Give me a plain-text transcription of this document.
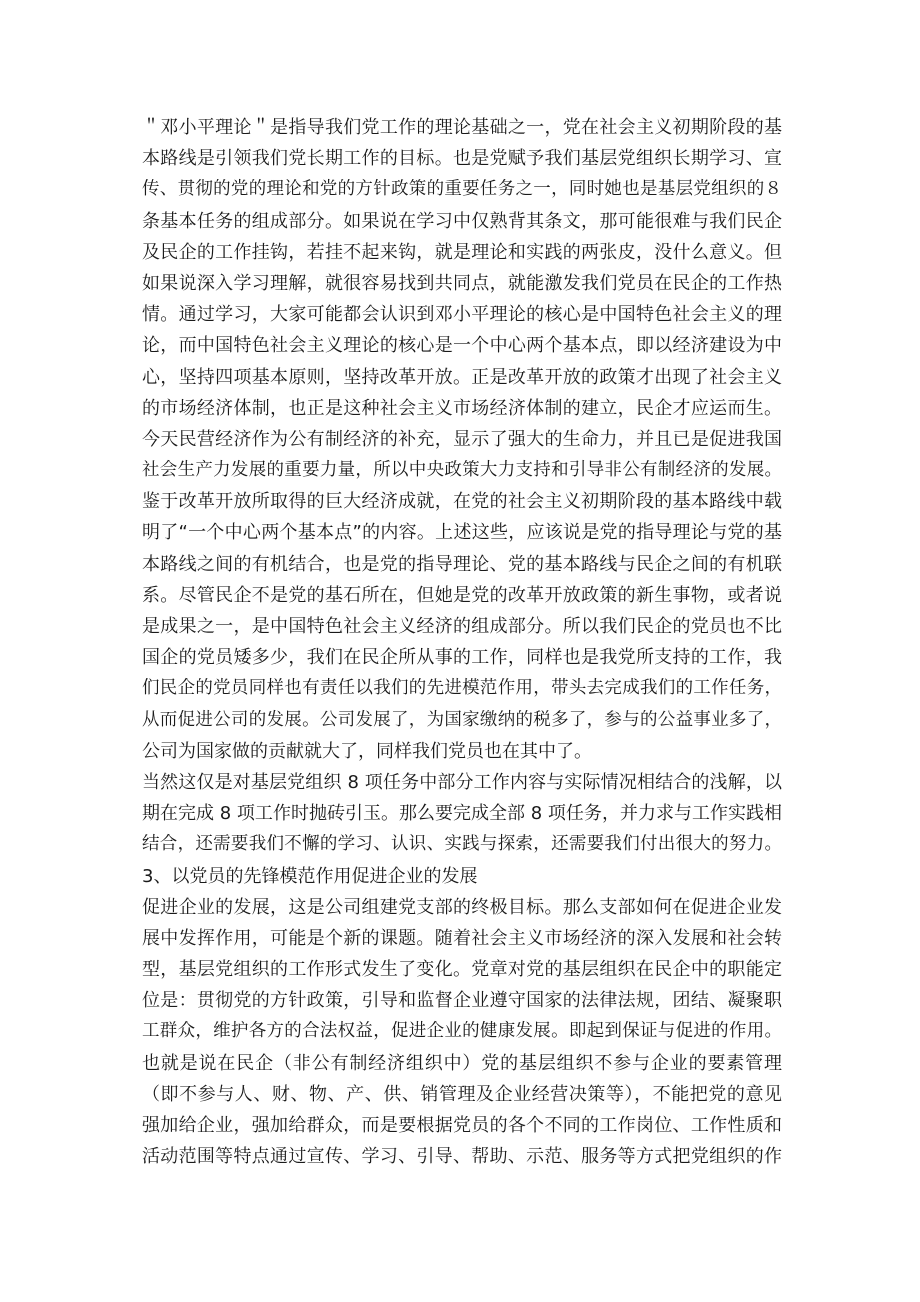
＂邓小平理论＂是指导我们党工作的理论基础之一，党在社会主义初期阶段的基
本路线是引领我们党长期工作的目标。也是党赋予我们基层党组织长期学习、宣
传、贯彻的党的理论和党的方针政策的重要任务之一，同时她也是基层党组织的８
条基本任务的组成部分。如果说在学习中仅熟背其条文，那可能很难与我们民企
及民企的工作挂钩，若挂不起来钩，就是理论和实践的两张皮，没什么意义。但
如果说深入学习理解，就很容易找到共同点，就能激发我们党员在民企的工作热
情。通过学习，大家可能都会认识到邓小平理论的核心是中国特色社会主义的理
论，而中国特色社会主义理论的核心是一个中心两个基本点，即以经济建设为中
心，坚持四项基本原则，坚持改革开放。正是改革开放的政策才出现了社会主义
的市场经济体制，也正是这种社会主义市场经济体制的建立，民企才应运而生。
今天民营经济作为公有制经济的补充，显示了强大的生命力，并且已是促进我国
社会生产力发展的重要力量，所以中央政策大力支持和引导非公有制经济的发展。
鉴于改革开放所取得的巨大经济成就，在党的社会主义初期阶段的基本路线中载
明了“一个中心两个基本点”的内容。上述这些，应该说是党的指导理论与党的基
本路线之间的有机结合，也是党的指导理论、党的基本路线与民企之间的有机联
系。尽管民企不是党的基石所在，但她是党的改革开放政策的新生事物，或者说
是成果之一，是中国特色社会主义经济的组成部分。所以我们民企的党员也不比
国企的党员矮多少，我们在民企所从事的工作，同样也是我党所支持的工作，我
们民企的党员同样也有责任以我们的先进模范作用，带头去完成我们的工作任务，
从而促进公司的发展。公司发展了，为国家缴纳的税多了，参与的公益事业多了，
公司为国家做的贡献就大了，同样我们党员也在其中了。
当然这仅是对基层党组织 8 项任务中部分工作内容与实际情况相结合的浅解，以
期在完成 8 项工作时抛砖引玉。那么要完成全部 8 项任务，并力求与工作实践相
结合，还需要我们不懈的学习、认识、实践与探索，还需要我们付出很大的努力。
3、以党员的先锋模范作用促进企业的发展
促进企业的发展，这是公司组建党支部的终极目标。那么支部如何在促进企业发
展中发挥作用，可能是个新的课题。随着社会主义市场经济的深入发展和社会转
型，基层党组织的工作形式发生了变化。党章对党的基层组织在民企中的职能定
位是：贯彻党的方针政策，引导和监督企业遵守国家的法律法规，团结、凝聚职
工群众，维护各方的合法权益，促进企业的健康发展。即起到保证与促进的作用。
也就是说在民企（非公有制经济组织中）党的基层组织不参与企业的要素管理
（即不参与人、财、物、产、供、销管理及企业经营决策等），不能把党的意见
强加给企业，强加给群众，而是要根据党员的各个不同的工作岗位、工作性质和
活动范围等特点通过宣传、学习、引导、帮助、示范、服务等方式把党组织的作
